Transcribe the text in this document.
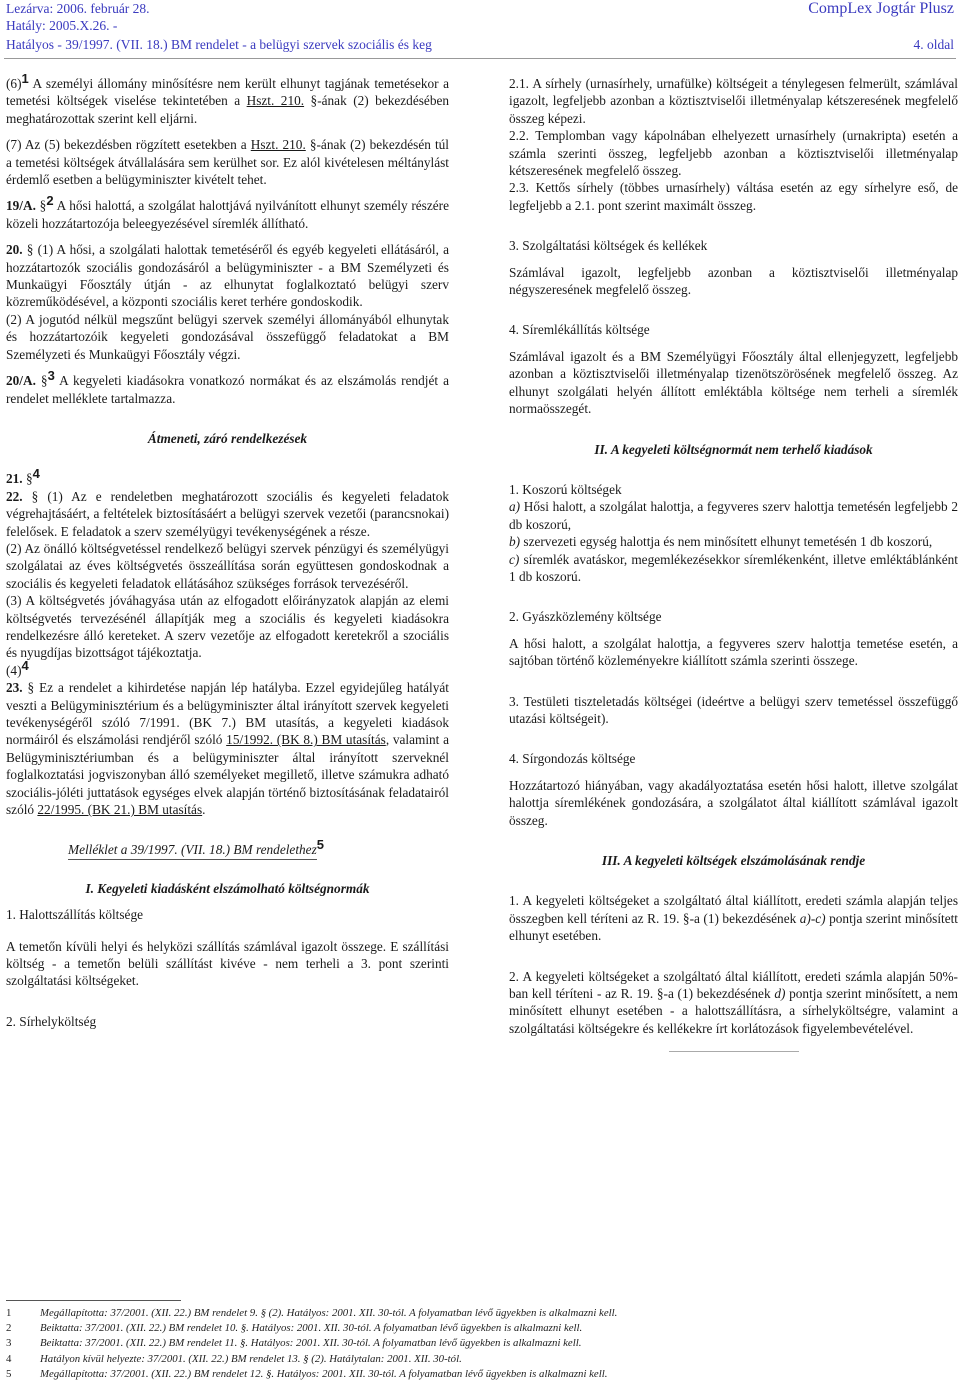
Lezárva: 2006. február 28.
Hatály: 2005.X.26. -
Hatályos - 39/1997. (VII. 18.) BM rendelet - a belügyi szervek szociális és keg
CompLex Jogtár Plusz
4. oldal

$(6)^1$ A személyi állomány minősítésre nem került elhunyt tagjának temetésekor a temetési költségek viselése tekintetében a Hszt. 210. §-ának (2) bekezdésében meghatározottak szerint kell eljárni.

(7) Az (5) bekezdésben rögzített esetekben a Hszt. 210. §-ának (2) bekezdésén túl a temetési költségek átvállalására sem kerülhet sor. Ez alól kivételesen méltánylást érdemlő esetben a belügyminiszter kivételt tehet.

19/A. §$^2$ A hősi halottá, a szolgálat halottjává nyilvánított elhunyt személy részére közeli hozzátartozója beleegyezésével síremlék állítható.

20. § (1) A hősi, a szolgálati halottak temetéséről és egyéb kegyeleti ellátásáról, a hozzátartozók szociális gondozásáról a belügyminiszter - a BM Személyzeti és Munkaügyi Főosztály útján - az elhunytat foglalkoztató belügyi szerv közreműködésével, a központi szociális keret terhére gondoskodik.

(2) A jogutód nélkül megszűnt belügyi szervek személyi állományából elhunytak és hozzátartozóik kegyeleti gondozásával összefüggő feladatokat a BM Személyzeti és Munkaügyi Főosztály végzi.

20/A. §$^3$ A kegyeleti kiadásokra vonatkozó normákat és az elszámolás rendjét a rendelet melléklete tartalmazza.

Átmeneti, záró rendelkezések

21. §$^4$

22. § (1) Az e rendeletben meghatározott szociális és kegyeleti feladatok végrehajtásáért, a feltételek biztosításáért a belügyi szervek vezetői (parancsnokai) felelősek. E feladatok a szerv személyügyi tevékenységének a része.

(2) Az önálló költségvetéssel rendelkező belügyi szervek pénzügyi és személyügyi szolgálatai az éves költségvetés összeállítása során együttesen gondoskodnak a szociális és kegyeleti feladatok ellátásához szükséges források tervezéséről.

(3) A költségvetés jóváhagyása után az elfogadott előirányzatok alapján az elemi költségvetés tervezésénél állapítják meg a szociális és kegyeleti kiadásokra rendelkezésre álló kereteket. A szerv vezetője az elfogadott keretekről a szociális és nyugdíjas bizottságot tájékoztatja.

$(4)^4$

23. § Ez a rendelet a kihirdetése napján lép hatályba. Ezzel egyidejűleg hatályát veszti a Belügyminisztérium és a belügyminiszter által irányított szervek kegyeleti tevékenységéről szóló 7/1991. (BK 7.) BM utasítás, a kegyeleti kiadások normáiról és elszámolási rendjéről szóló 15/1992. (BK 8.) BM utasítás, valamint a Belügyminisztériumban és a belügyminiszter által irányított szerveknél foglalkoztatási jogviszonyban álló személyeket megillető, illetve számukra adható szociális-jóléti juttatások egységes elvek alapján történő biztosításának feladatairól szóló 22/1995. (BK 21.) BM utasítás.

Melléklet a 39/1997. (VII. 18.) BM rendelethez$^5$

I. Kegyeleti kiadásként elszámolható költségnormák

1. Halottszállítás költsége

A temetőn kívüli helyi és helyközi szállítás számlával igazolt összege. E szállítási költség - a temetőn belüli szállítást kivéve - nem terheli a 3. pont szerinti szolgáltatási költségeket.

2. Sírhelyköltség

2.1. A sírhely (urnasírhely, urnafülke) költségeit a ténylegesen felmerült, számlával igazolt, legfeljebb azonban a köztisztviselői illetményalap kétszeresének megfelelő összeg képezi.

2.2. Templomban vagy kápolnában elhelyezett urnasírhely (urnakripta) esetén a számla szerinti összeg, legfeljebb azonban a köztisztviselői illetményalap kétszeresének megfelelő összeg.

2.3. Kettős sírhely (többes urnasírhely) váltása esetén az egy sírhelyre eső, de legfeljebb a 2.1. pont szerint maximált összeg.

3. Szolgáltatási költségek és kellékek

Számlával igazolt, legfeljebb azonban a köztisztviselői illetményalap négyszeresének megfelelő összeg.

4. Síremlékállítás költsége

Számlával igazolt és a BM Személyügyi Főosztály által ellenjegyzett, legfeljebb azonban a köztisztviselői illetményalap tizenötszörösének megfelelő összeg. Az elhunyt szolgálati helyén állított emléktábla költsége nem terheli a síremlék normaösszegét.

II. A kegyeleti költségnormát nem terhelő kiadások

1. Koszorú költségek

a) Hősi halott, a szolgálat halottja, a fegyveres szerv halottja temetésén legfeljebb 2 db koszorú,

b) szervezeti egység halottja és nem minősített elhunyt temetésén 1 db koszorú,

c) síremlék avatáskor, megemlékezésekkor síremlékenként, illetve emléktáblánként 1 db koszorú.

2. Gyászközlemény költsége

A hősi halott, a szolgálat halottja, a fegyveres szerv halottja temetése esetén, a sajtóban történő közleményekre kiállított számla szerinti összege.

3. Testületi tiszteletadás költségei (ideértve a belügyi szerv temetéssel összefüggő utazási költségeit).

4. Sírgondozás költsége

Hozzátartozó hiányában, vagy akadályoztatása esetén hősi halott, illetve szolgálat halottja síremlékének gondozására, a szolgálatot által kiállított számlával igazolt összeg.

III. A kegyeleti költségek elszámolásának rendje

1. A kegyeleti költségeket a szolgáltató által kiállított, eredeti számla alapján teljes összegben kell téríteni az R. 19. §-a (1) bekezdésének a)-c) pontja szerint minősített elhunyt esetében.

2. A kegyeleti költségeket a szolgáltató által kiállított, eredeti számla alapján 50%-ban kell téríteni - az R. 19. §-a (1) bekezdésének d) pontja szerint minősített, a nem minősített elhunyt esetében - a halottszállításra, a sírhelyköltségre, valamint a szolgáltatási költségekre és kellékekre írt korlátozások figyelembevételével.

1	Megállapította: 37/2001. (XII. 22.) BM rendelet 9. § (2). Hatályos: 2001. XII. 30-tól. A folyamatban lévő ügyekben is alkalmazni kell.
2	Beiktatta: 37/2001. (XII. 22.) BM rendelet 10. §. Hatályos: 2001. XII. 30-tól. A folyamatban lévő ügyekben is alkalmazni kell.
3	Beiktatta: 37/2001. (XII. 22.) BM rendelet 11. §. Hatályos: 2001. XII. 30-tól. A folyamatban lévő ügyekben is alkalmazni kell.
4	Hatályon kívül helyezte: 37/2001. (XII. 22.) BM rendelet 13. § (2). Hatálytalan: 2001. XII. 30-tól.
5	Megállapította: 37/2001. (XII. 22.) BM rendelet 12. §. Hatályos: 2001. XII. 30-tól. A folyamatban lévő ügyekben is alkalmazni kell.
